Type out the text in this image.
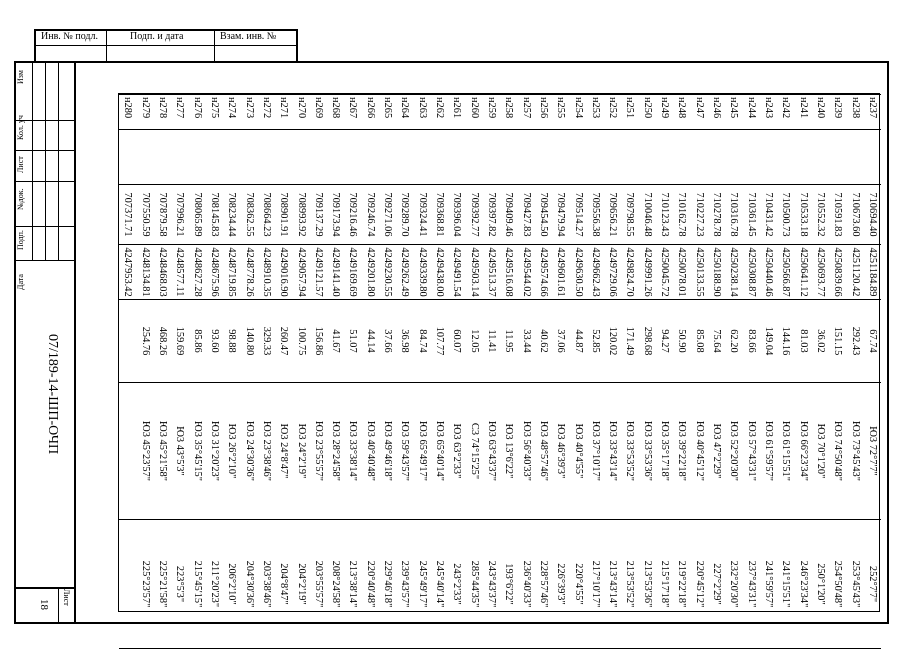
Инв. № подл.	Подп. и дата	Взам. инв. №
Изм
Кол. уч
Лист
№док.
Подп.
Дата
07/189-14-ШП-ОЧП
Лист
18
н237		710694.40	4251184.89	67.74	Ю3 72°7'7"	252°7'7"
н238		710673.60	4251120.42	292.43	Ю3 73°45'43"	253°45'43"
н239		710591.83	4250839.66	151.15	Ю3 74°50'48"	254°50'48"
н240		710552.32	4250693.77	36.02	Ю3 70°1'20"	250°1'20"
н241		710533.18	4250641.12	81.03	Ю3 66°23'34"	246°23'34"
н242		710500.73	4250566.87	144.16	Ю3 61°15'51"	241°15'51"
н243		710431.42	4250440.46	149.04	Ю3 61°59'57"	241°59'57"
н244		710361.45	4250308.87	83.66	Ю3 57°43'31"	237°43'31"
н245		710316.78	4250238.14	62.20	Ю3 52°20'30"	232°20'30"
н246		710278.78	4250188.90	75.64	Ю3 47°2'29"	227°2'29"
н247		710227.23	4250133.55	85.08	Ю3 40°45'12"	220°45'12"
н248		710162.78	4250078.01	50.90	Ю3 39°22'18"	219°22'18"
н249		710123.43	4250045.72	94.27	Ю3 35°17'18"	215°17'18"
н250		710046.48	4249991.26	298.68	Ю3 33°53'36"	213°53'36"
н251		709798.55	4249824.70	171.49	Ю3 33°53'52"	213°53'52"
н252		709656.21	4249729.06	120.02	Ю3 33°43'14"	213°43'14"
н253		709556.38	4249662.43	52.85	Ю3 37°10'17"	217°10'17"
н254		709514.27	4249630.50	44.87	Ю3 40°4'55"	220°4'55"
н255		709479.94	4249601.61	37.06	Ю3 46°39'3"	226°39'3"
н256		709454.50	4249574.66	40.62	Ю3 48°57'46"	228°57'46"
н257		709427.83	4249544.02	33.44	Ю3 56°40'33"	236°40'33"
н258		709409.46	4249516.08	11.95	Ю3 13°6'22"	193°6'22"
н259		709397.82	4249513.37	11.41	Ю3 63°43'37"	243°43'37"
н260		709392.77	4249503.14	12.05	С3 74°15'25"	285°44'35"
н261		709396.04	4249491.54	60.07	Ю3 63°2'33"	243°2'33"
н262		709368.81	4249438.00	107.77	Ю3 65°40'14"	245°40'14"
н263		709324.41	4249339.80	84.74	Ю3 65°49'17"	245°49'17"
н264		709289.70	4249262.49	36.98	Ю3 59°43'57"	239°43'57"
н265		709271.06	4249230.55	37.66	Ю3 49°46'18"	229°46'18"
н266		709246.74	4249201.80	44.14	Ю3 40°40'48"	220°40'48"
н267		709216.46	4249169.69	51.07	Ю3 33°38'14"	213°38'14"
н268		709173.94	4249141.40	41.67	Ю3 28°24'58"	208°24'58"
н269		709137.29	4249121.57	156.86	Ю3 23°55'57"	203°55'57"
н270		708993.92	4249057.94	100.75	Ю3 24°2'19"	204°2'19"
н271		708901.91	4249016.90	260.47	Ю3 24°8'47"	204°8'47"
н272		708664.23	4248910.35	329.33	Ю3 23°38'46"	203°38'46"
н273		708362.55	4248778.26	140.80	Ю3 24°30'36"	204°30'36"
н274		708234.44	4248719.85	98.88	Ю3 26°2'10"	206°2'10"
н275		708145.83	4248675.96	93.60	Ю3 31°20'23"	211°20'23"
н276		708065.89	4248627.28	85.86	Ю3 35°45'15"	215°45'15"
н277		707996.21	4248577.11	159.69	Ю3 43°5'3"	223°5'3"
н278		707879.58	4248468.03	468.26	Ю3 45°21'58"	225°21'58"
н279		707550.59	4248134.81	254.76	Ю3 45°23'57"	225°23'57"
н280		707371.71	4247953.42			
